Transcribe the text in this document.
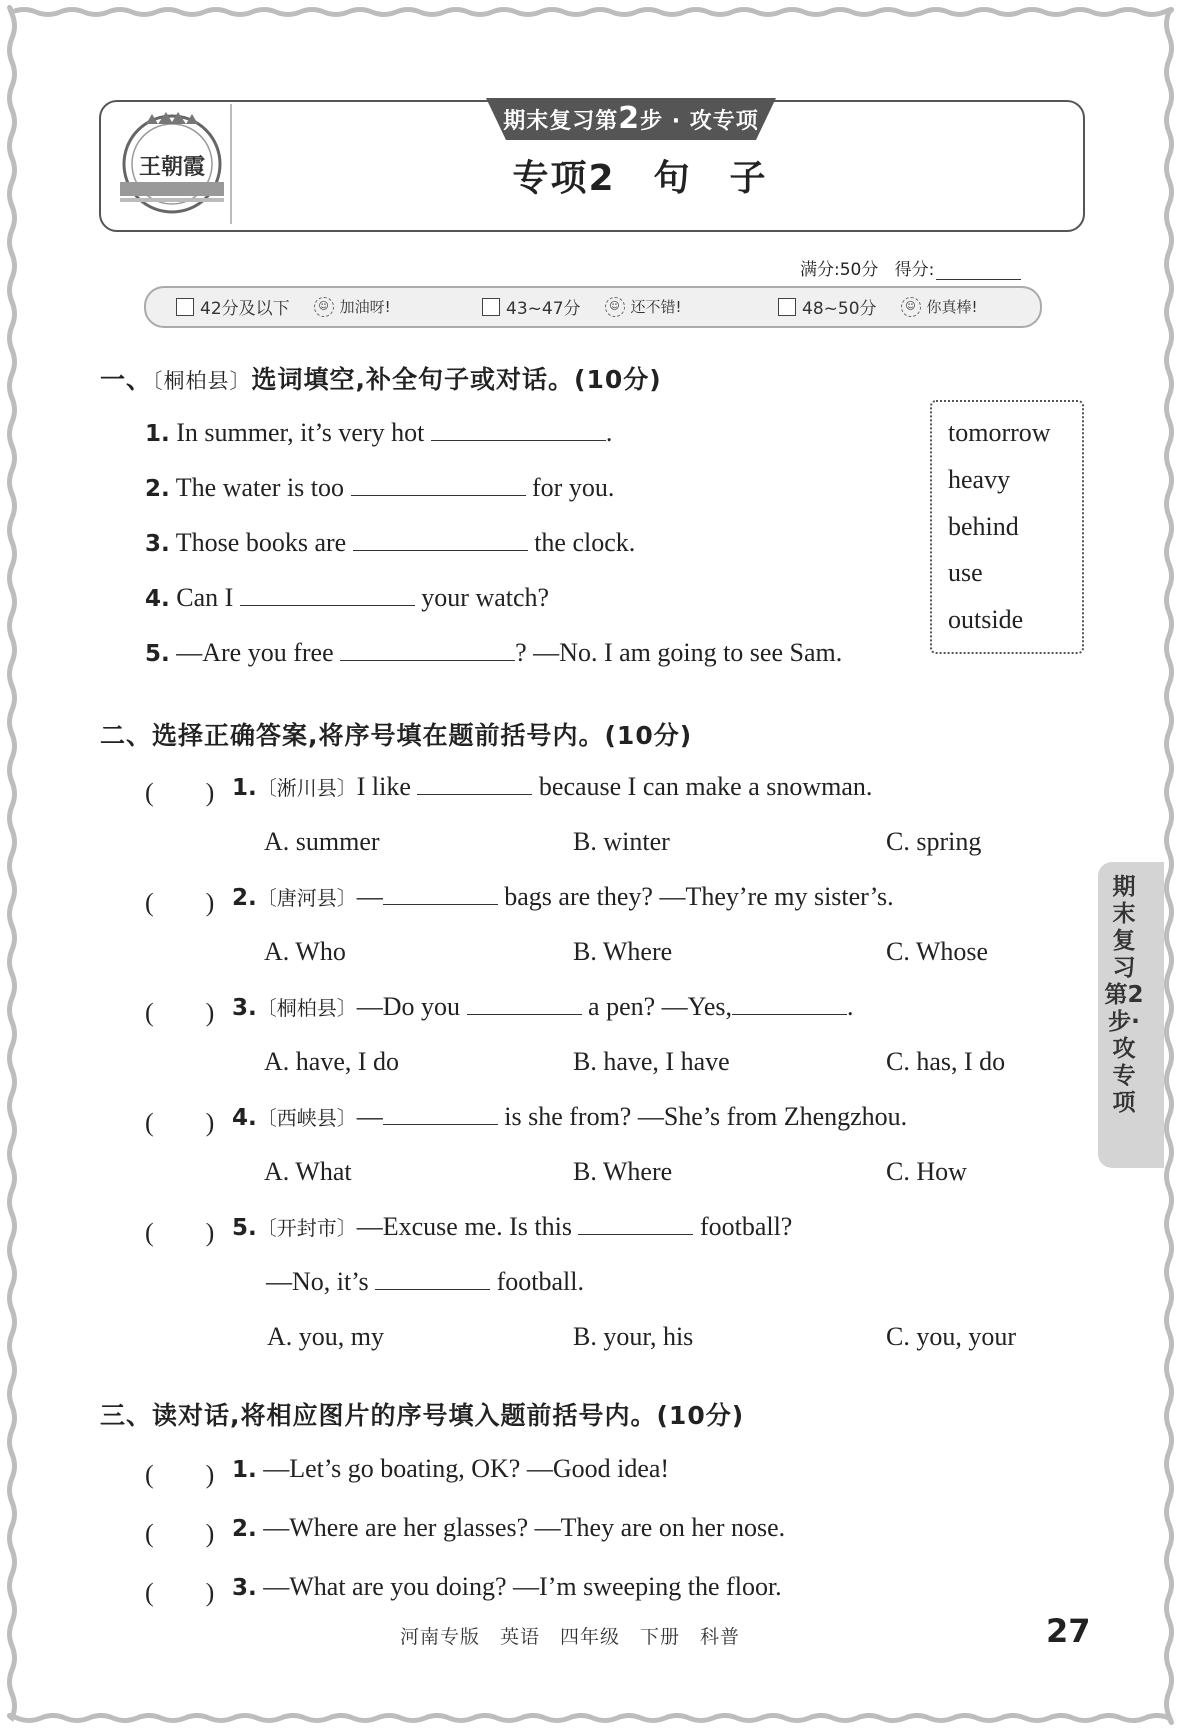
王朝霞
期末复习第2步 · 攻专项
专项2　句　子
满分:50分 得分:
42分及以下	☺ 加油呀!	43~47分	☺ 还不错!	48~50分	☺ 你真棒!
一、〔桐柏县〕选词填空,补全句子或对话。(10分)
1. In summer, it’s very hot	.
2. The water is too	for you.
3. Those books are	the clock.
4. Can I	your watch?
5. —Are you free	? —No. I am going to see Sam.
tomorrow
heavy
behind
use
outside
二、选择正确答案,将序号填在题前括号内。(10分)
(　　) 1.〔淅川县〕I like	because I can make a snowman.
A. summer	B. winter	C. spring
(　　) 2.〔唐河县〕—	bags are they? —They’re my sister’s.
A. Who	B. Where	C. Whose
(　　) 3.〔桐柏县〕—Do you	a pen? —Yes,	.
A. have, I do	B. have, I have	C. has, I do
(　　) 4.〔西峡县〕—	is she from? —She’s from Zhengzhou.
A. What	B. Where	C. How
(　　) 5.〔开封市〕—Excuse me. Is this	football?
—No, it’s	football.
A. you, my	B. your, his	C. you, your
三、读对话,将相应图片的序号填入题前括号内。(10分)
(　　) 1. —Let’s go boating, OK? —Good idea!
(　　) 2. —Where are her glasses? —They are on her nose.
(　　) 3. —What are you doing? —I’m sweeping the floor.
期末复习第2步·攻专项
河南专版　英语　四年级　下册　科普	27
